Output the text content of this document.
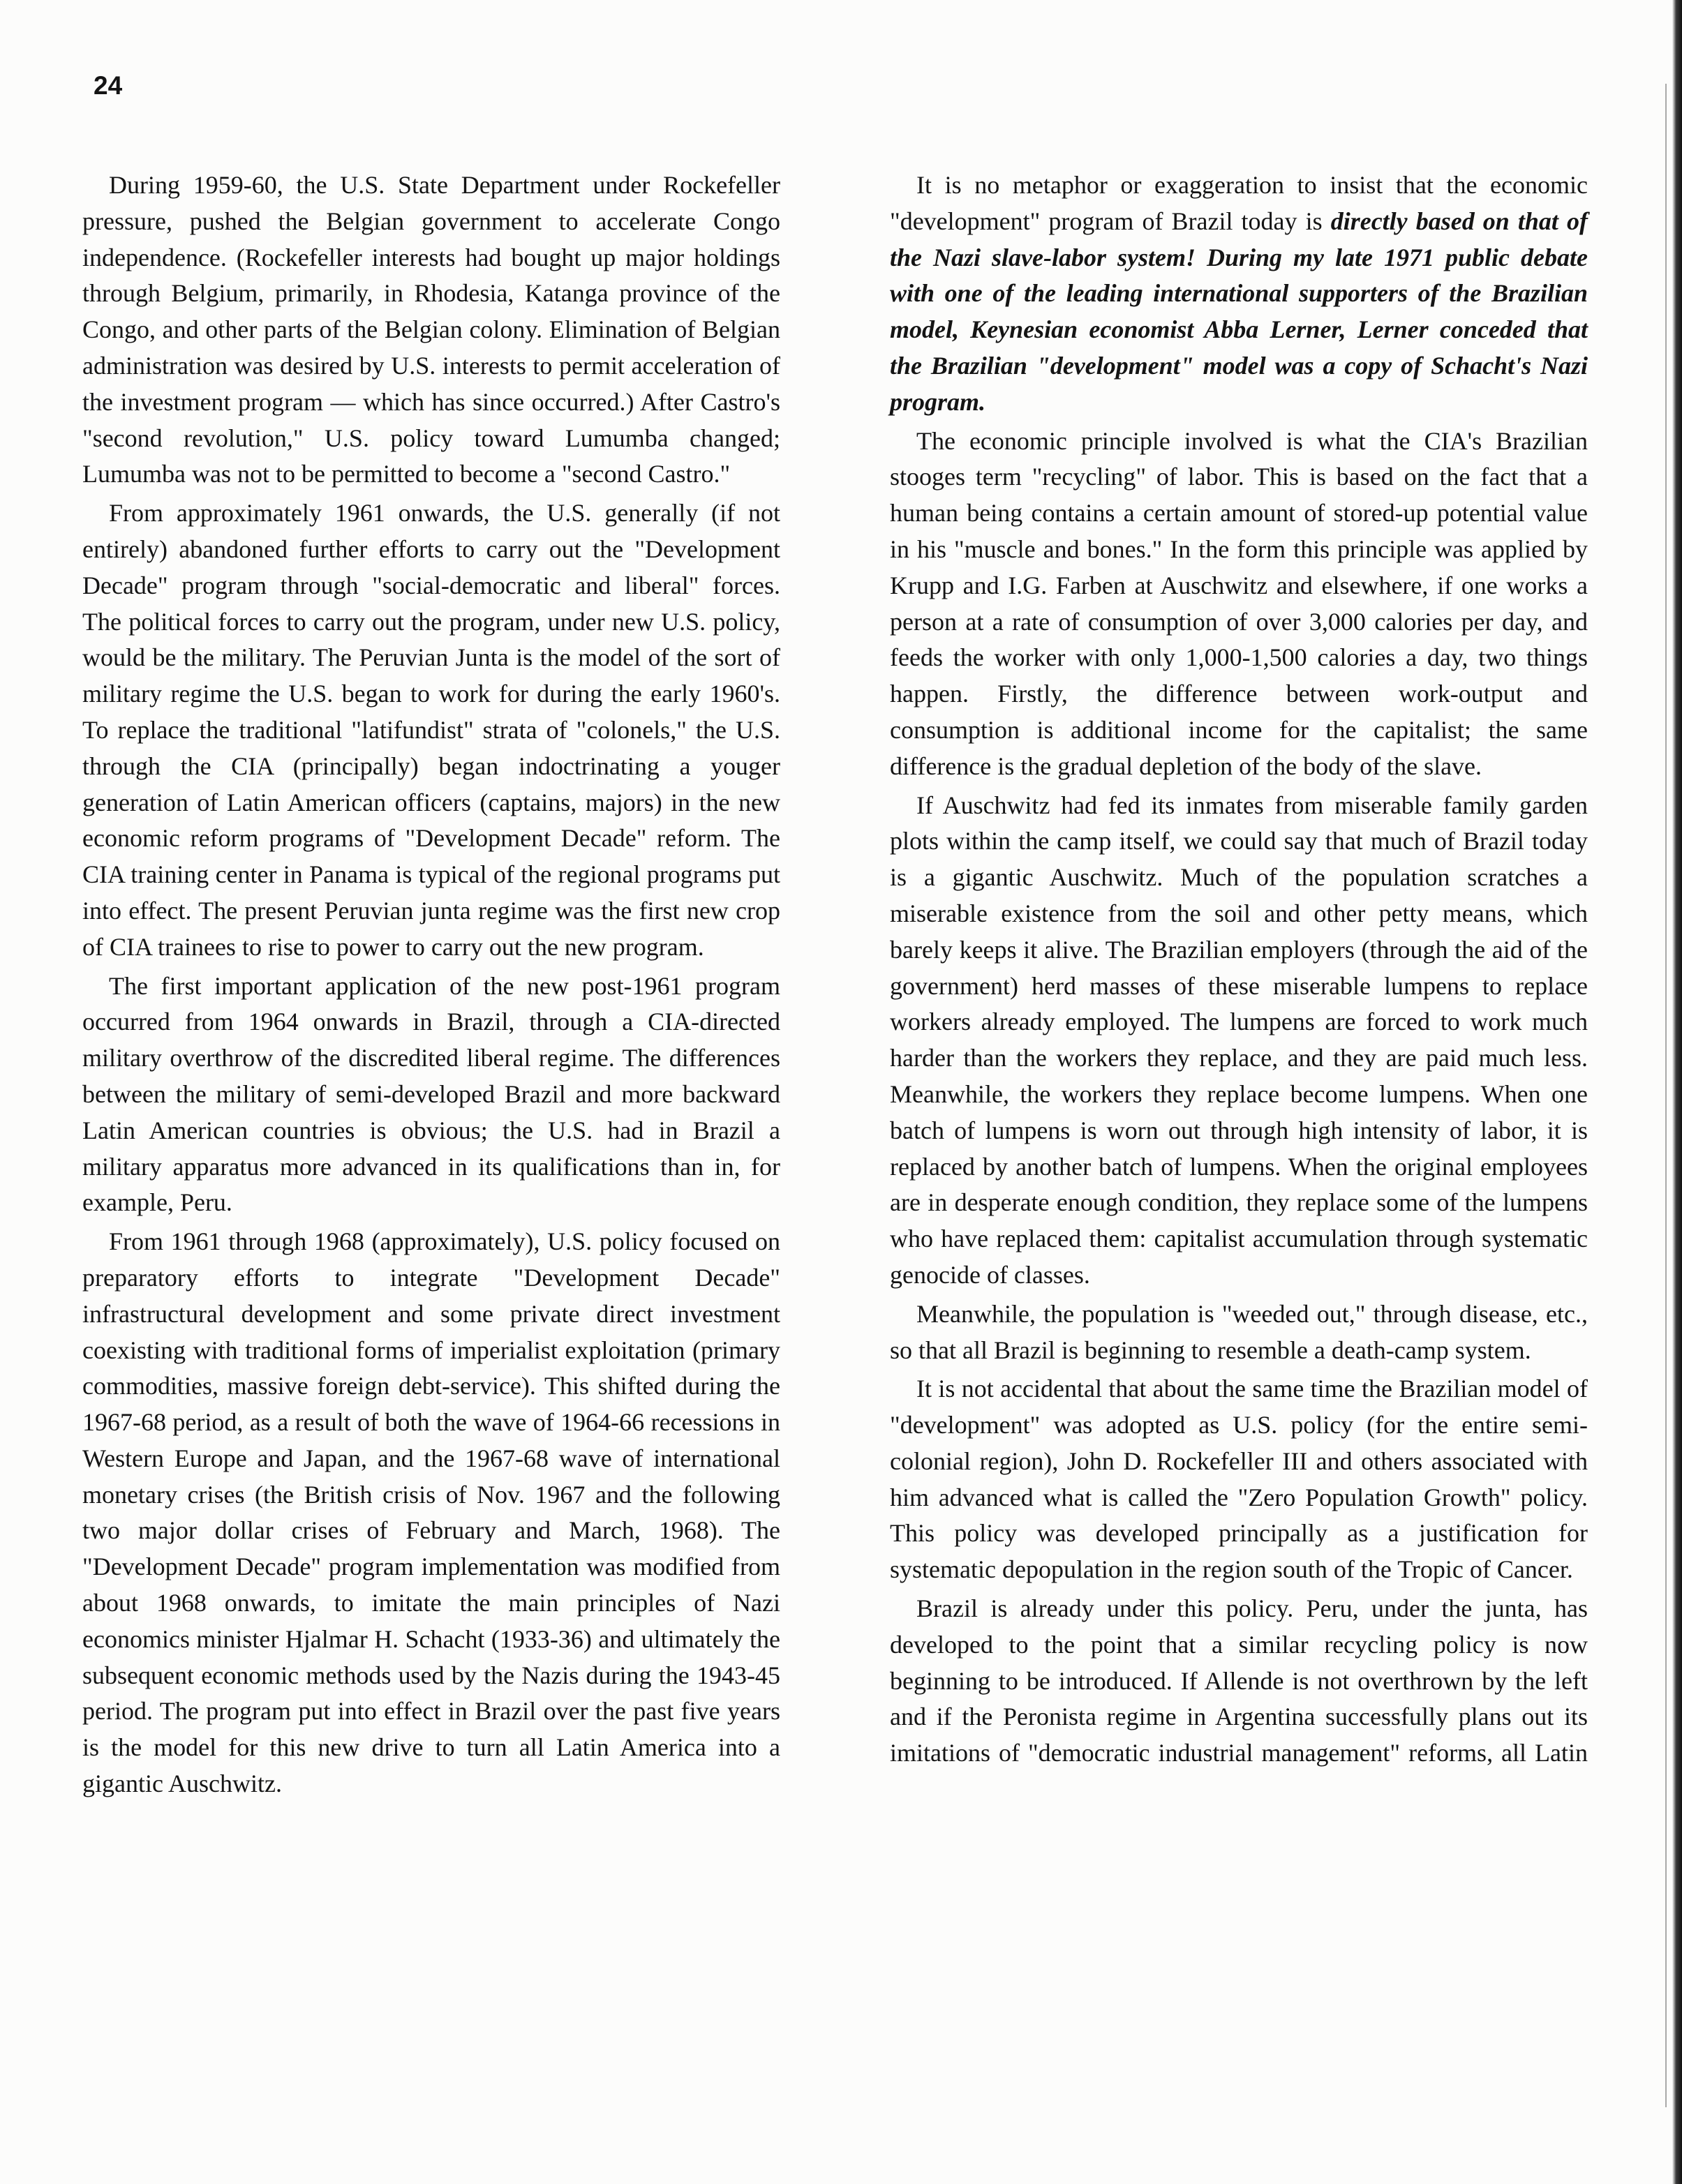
24

During 1959-60, the U.S. State Department under Rockefeller pressure, pushed the Belgian government to accelerate Congo independence. (Rockefeller interests had bought up major holdings through Belgium, primarily, in Rhodesia, Katanga province of the Congo, and other parts of the Belgian colony. Elimination of Belgian administration was desired by U.S. interests to permit acceleration of the investment program — which has since occurred.) After Castro's "second revolution," U.S. policy toward Lumumba changed; Lumumba was not to be permitted to become a "second Castro."

From approximately 1961 onwards, the U.S. generally (if not entirely) abandoned further efforts to carry out the "Development Decade" program through "social-democratic and liberal" forces. The political forces to carry out the program, under new U.S. policy, would be the military. The Peruvian Junta is the model of the sort of military regime the U.S. began to work for during the early 1960's. To replace the traditional "latifundist" strata of "colonels," the U.S. through the CIA (principally) began indoctrinating a youger generation of Latin American officers (captains, majors) in the new economic reform programs of "Development Decade" reform. The CIA training center in Panama is typical of the regional programs put into effect. The present Peruvian junta regime was the first new crop of CIA trainees to rise to power to carry out the new program.

The first important application of the new post-1961 program occurred from 1964 onwards in Brazil, through a CIA-directed military overthrow of the discredited liberal regime. The differences between the military of semi-developed Brazil and more backward Latin American countries is obvious; the U.S. had in Brazil a military apparatus more advanced in its qualifications than in, for example, Peru.

From 1961 through 1968 (approximately), U.S. policy focused on preparatory efforts to integrate "Development Decade" infrastructural development and some private direct investment coexisting with traditional forms of imperialist exploitation (primary commodities, massive foreign debt-service). This shifted during the 1967-68 period, as a result of both the wave of 1964-66 recessions in Western Europe and Japan, and the 1967-68 wave of international monetary crises (the British crisis of Nov. 1967 and the following two major dollar crises of February and March, 1968). The "Development Decade" program implementation was modified from about 1968 onwards, to imitate the main principles of Nazi economics minister Hjalmar H. Schacht (1933-36) and ultimately the subsequent economic methods used by the Nazis during the 1943-45 period. The program put into effect in Brazil over the past five years is the model for this new drive to turn all Latin America into a gigantic Auschwitz.

It is no metaphor or exaggeration to insist that the economic "development" program of Brazil today is directly based on that of the Nazi slave-labor system! During my late 1971 public debate with one of the leading international supporters of the Brazilian model, Keynesian economist Abba Lerner, Lerner conceded that the Brazilian "development" model was a copy of Schacht's Nazi program.

The economic principle involved is what the CIA's Brazilian stooges term "recycling" of labor. This is based on the fact that a human being contains a certain amount of stored-up potential value in his "muscle and bones." In the form this principle was applied by Krupp and I.G. Farben at Auschwitz and elsewhere, if one works a person at a rate of consumption of over 3,000 calories per day, and feeds the worker with only 1,000-1,500 calories a day, two things happen. Firstly, the difference between work-output and consumption is additional income for the capitalist; the same difference is the gradual depletion of the body of the slave.

If Auschwitz had fed its inmates from miserable family garden plots within the camp itself, we could say that much of Brazil today is a gigantic Auschwitz. Much of the population scratches a miserable existence from the soil and other petty means, which barely keeps it alive. The Brazilian employers (through the aid of the government) herd masses of these miserable lumpens to replace workers already employed. The lumpens are forced to work much harder than the workers they replace, and they are paid much less. Meanwhile, the workers they replace become lumpens. When one batch of lumpens is worn out through high intensity of labor, it is replaced by another batch of lumpens. When the original employees are in desperate enough condition, they replace some of the lumpens who have replaced them: capitalist accumulation through systematic genocide of classes.

Meanwhile, the population is "weeded out," through disease, etc., so that all Brazil is beginning to resemble a death-camp system.

It is not accidental that about the same time the Brazilian model of "development" was adopted as U.S. policy (for the entire semi-colonial region), John D. Rockefeller III and others associated with him advanced what is called the "Zero Population Growth" policy. This policy was developed principally as a justification for systematic depopulation in the region south of the Tropic of Cancer.

Brazil is already under this policy. Peru, under the junta, has developed to the point that a similar recycling policy is now beginning to be introduced. If Allende is not overthrown by the left and if the Peronista regime in Argentina successfully plans out its imitations of "democratic industrial management" reforms, all Latin
